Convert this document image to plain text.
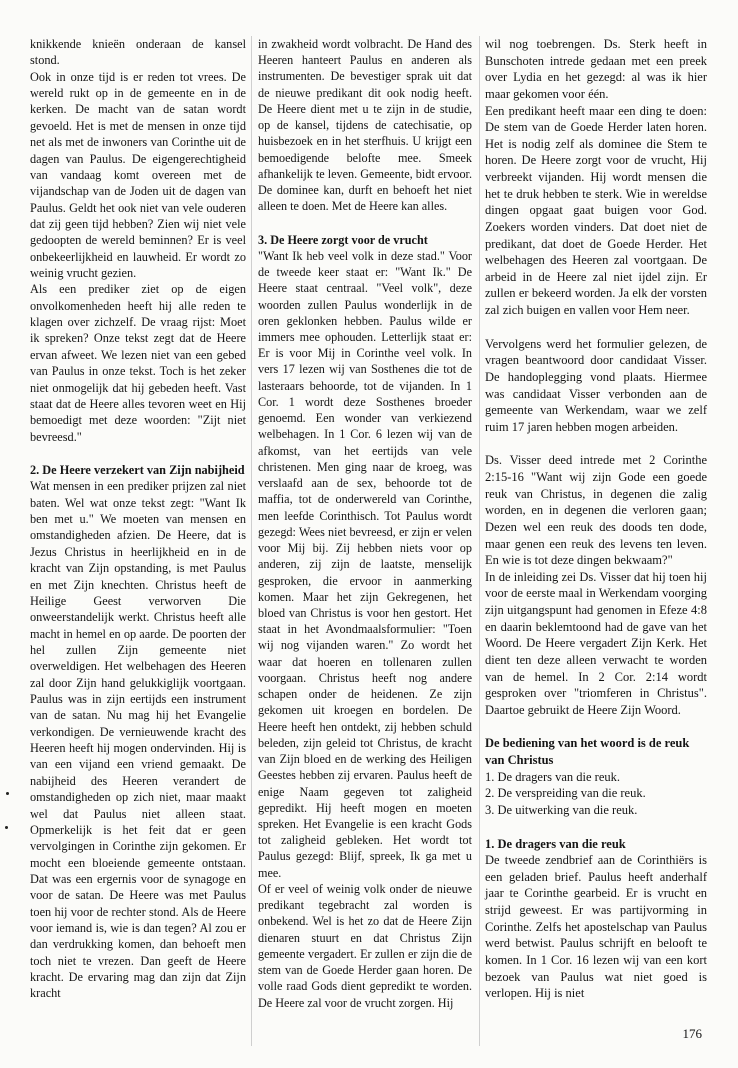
knikkende knieën onderaan de kansel stond.

Ook in onze tijd is er reden tot vrees. De wereld rukt op in de gemeente en in de kerken. De macht van de satan wordt gevoeld. Het is met de mensen in onze tijd net als met de inwoners van Corinthe uit de dagen van Paulus. De eigengerechtigheid van vandaag komt overeen met de vijandschap van de Joden uit de dagen van Paulus. Geldt het ook niet van vele ouderen dat zij geen tijd hebben? Zien wij niet vele gedoopten de wereld beminnen? Er is veel onbekeerlijkheid en lauwheid. Er wordt zo weinig vrucht gezien.

Als een prediker ziet op de eigen onvolkomenheden heeft hij alle reden te klagen over zichzelf. De vraag rijst: Moet ik spreken? Onze tekst zegt dat de Heere ervan afweet. We lezen niet van een gebed van Paulus in onze tekst. Toch is het zeker niet onmogelijk dat hij gebeden heeft. Vast staat dat de Heere alles tevoren weet en Hij bemoedigt met deze woorden: "Zijt niet bevreesd."

2. De Heere verzekert van Zijn nabijheid

Wat mensen in een prediker prijzen zal niet baten. Wel wat onze tekst zegt: "Want Ik ben met u." We moeten van mensen en omstandigheden afzien. De Heere, dat is Jezus Christus in heerlijkheid en in de kracht van Zijn opstanding, is met Paulus en met Zijn knechten. Christus heeft de Heilige Geest verworven Die onweerstandelijk werkt. Christus heeft alle macht in hemel en op aarde. De poorten der hel zullen Zijn gemeente niet overweldigen. Het welbehagen des Heeren zal door Zijn hand gelukkiglijk voortgaan. Paulus was in zijn eertijds een instrument van de satan. Nu mag hij het Evangelie verkondigen. De vernieuwende kracht des Heeren heeft hij mogen ondervinden. Hij is van een vijand een vriend gemaakt. De nabijheid des Heeren verandert de omstandigheden op zich niet, maar maakt wel dat Paulus niet alleen staat. Opmerkelijk is het feit dat er geen vervolgingen in Corinthe zijn gekomen. Er mocht een bloeiende gemeente ontstaan. Dat was een ergernis voor de synagoge en voor de satan. De Heere was met Paulus toen hij voor de rechter stond. Als de Heere voor iemand is, wie is dan tegen? Al zou er dan verdrukking komen, dan behoeft men toch niet te vrezen. Dan geeft de Heere kracht. De ervaring mag dan zijn dat Zijn kracht

in zwakheid wordt volbracht. De Hand des Heeren hanteert Paulus en anderen als instrumenten. De bevestiger sprak uit dat de nieuwe predikant dit ook nodig heeft. De Heere dient met u te zijn in de studie, op de kansel, tijdens de catechisatie, op huisbezoek en in het sterfhuis. U krijgt een bemoedigende belofte mee. Smeek afhankelijk te leven. Gemeente, bidt ervoor. De dominee kan, durft en behoeft het niet alleen te doen. Met de Heere kan alles.

3. De Heere zorgt voor de vrucht

"Want Ik heb veel volk in deze stad." Voor de tweede keer staat er: "Want Ik." De Heere staat centraal. "Veel volk", deze woorden zullen Paulus wonderlijk in de oren geklonken hebben. Paulus wilde er immers mee ophouden. Letterlijk staat er: Er is voor Mij in Corinthe veel volk. In vers 17 lezen wij van Sosthenes die tot de lasteraars behoorde, tot de vijanden. In 1 Cor. 1 wordt deze Sosthenes broeder genoemd. Een wonder van verkiezend welbehagen. In 1 Cor. 6 lezen wij van de afkomst, van het eertijds van vele christenen. Men ging naar de kroeg, was verslaafd aan de sex, behoorde tot de maffia, tot de onderwereld van Corinthe, men leefde Corinthisch. Tot Paulus wordt gezegd: Wees niet bevreesd, er zijn er velen voor Mij bij. Zij hebben niets voor op anderen, zij zijn de laatste, menselijk gesproken, die ervoor in aanmerking komen. Maar het zijn Gekregenen, het bloed van Christus is voor hen gestort. Het staat in het Avondmaalsformulier: "Toen wij nog vijanden waren." Zo wordt het waar dat hoeren en tollenaren zullen voorgaan. Christus heeft nog andere schapen onder de heidenen. Ze zijn gekomen uit kroegen en bordelen. De Heere heeft hen ontdekt, zij hebben schuld beleden, zijn geleid tot Christus, de kracht van Zijn bloed en de werking des Heiligen Geestes hebben zij ervaren. Paulus heeft de enige Naam gegeven tot zaligheid gepredikt. Hij heeft mogen en moeten spreken. Het Evangelie is een kracht Gods tot zaligheid gebleken. Het wordt tot Paulus gezegd: Blijf, spreek, Ik ga met u mee.

Of er veel of weinig volk onder de nieuwe predikant tegebracht zal worden is onbekend. Wel is het zo dat de Heere Zijn dienaren stuurt en dat Christus Zijn gemeente vergadert. Er zullen er zijn die de stem van de Goede Herder gaan horen. De volle raad Gods dient gepredikt te worden. De Heere zal voor de vrucht zorgen. Hij

wil nog toebrengen. Ds. Sterk heeft in Bunschoten intrede gedaan met een preek over Lydia en het gezegd: al was ik hier maar gekomen voor één.

Een predikant heeft maar een ding te doen: De stem van de Goede Herder laten horen. Het is nodig zelf als dominee die Stem te horen. De Heere zorgt voor de vrucht, Hij verbreekt vijanden. Hij wordt mensen die het te druk hebben te sterk. Wie in wereldse dingen opgaat gaat buigen voor God. Zoekers worden vinders. Dat doet niet de predikant, dat doet de Goede Herder. Het welbehagen des Heeren zal voortgaan. De arbeid in de Heere zal niet ijdel zijn. Er zullen er bekeerd worden. Ja elk der vorsten zal zich buigen en vallen voor Hem neer.

Vervolgens werd het formulier gelezen, de vragen beantwoord door candidaat Visser. De handoplegging vond plaats. Hiermee was candidaat Visser verbonden aan de gemeente van Werkendam, waar we zelf ruim 17 jaren hebben mogen arbeiden.

Ds. Visser deed intrede met 2 Corinthe 2:15-16 "Want wij zijn Gode een goede reuk van Christus, in degenen die zalig worden, en in degenen die verloren gaan; Dezen wel een reuk des doods ten dode, maar genen een reuk des levens ten leven. En wie is tot deze dingen bekwaam?"

In de inleiding zei Ds. Visser dat hij toen hij voor de eerste maal in Werkendam voorging zijn uitgangspunt had genomen in Efeze 4:8 en daarin beklemtoond had de gave van het Woord. De Heere vergadert Zijn Kerk. Het dient ten deze alleen verwacht te worden van de hemel. In 2 Cor. 2:14 wordt gesproken over "triomferen in Christus". Daartoe gebruikt de Heere Zijn Woord.

De bediening van het woord is de reuk van Christus

1. De dragers van die reuk.

2. De verspreiding van die reuk.

3. De uitwerking van die reuk.

1. De dragers van die reuk

De tweede zendbrief aan de Corinthiërs is een geladen brief. Paulus heeft anderhalf jaar te Corinthe gearbeid. Er is vrucht en strijd geweest. Er was partijvorming in Corinthe. Zelfs het apostelschap van Paulus werd betwist. Paulus schrijft en belooft te komen. In 1 Cor. 16 lezen wij van een kort bezoek van Paulus wat niet goed is verlopen. Hij is niet

176
